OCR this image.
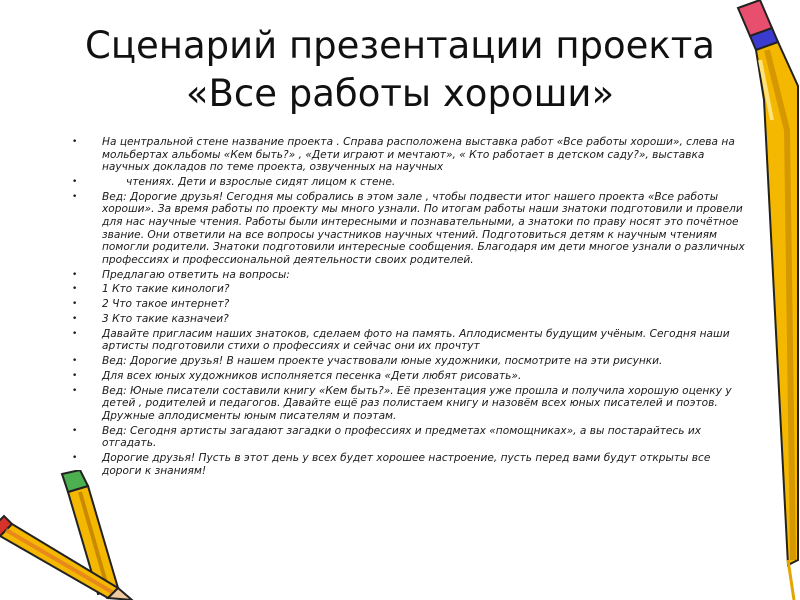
Сценарий презентации проекта
«Все работы хороши»
• На центральной стене название проекта . Справа расположена выставка работ «Все работы хороши», слева на мольбертах альбомы «Кем быть?» , «Дети играют и мечтают», « Кто работает в детском саду?», выставка научных докладов по теме проекта, озвученных на научных
•	чтениях. Дети и взрослые сидят лицом к стене.
• Вед: Дорогие друзья! Сегодня мы собрались в этом зале , чтобы подвести итог нашего проекта «Все работы хороши». За время работы по проекту мы много узнали. По итогам работы наши знатоки подготовили и провели для нас научные чтения. Работы были интересными и познавательными, а знатоки по праву носят это почётное звание. Они ответили на все вопросы участников научных чтений. Подготовиться детям к научным чтениям помогли родители. Знатоки подготовили интересные сообщения. Благодаря им дети многое узнали о различных профессиях и профессиональной деятельности своих родителей.
• Предлагаю ответить на вопросы:
• 1 Кто такие кинологи?
• 2 Что такое интернет?
• 3 Кто такие казначеи?
• Давайте пригласим наших знатоков, сделаем фото на память. Аплодисменты будущим учёным. Сегодня наши артисты подготовили стихи о профессиях и сейчас они их прочтут
• Вед: Дорогие друзья! В нашем проекте участвовали юные художники, посмотрите на эти рисунки.
• Для всех юных художников исполняется песенка «Дети любят рисовать».
• Вед: Юные писатели составили книгу «Кем быть?». Её презентация уже прошла и получила хорошую оценку у детей , родителей и педагогов. Давайте ещё раз полистаем книгу и назовём всех юных писателей и поэтов. Дружные аплодисменты юным писателям и поэтам.
• Вед: Сегодня артисты загадают загадки о профессиях и предметах «помощниках», а вы постарайтесь их отгадать.
• Дорогие друзья! Пусть в этот день у всех будет хорошее настроение, пусть перед вами будут открыты все дороги к знаниям!
